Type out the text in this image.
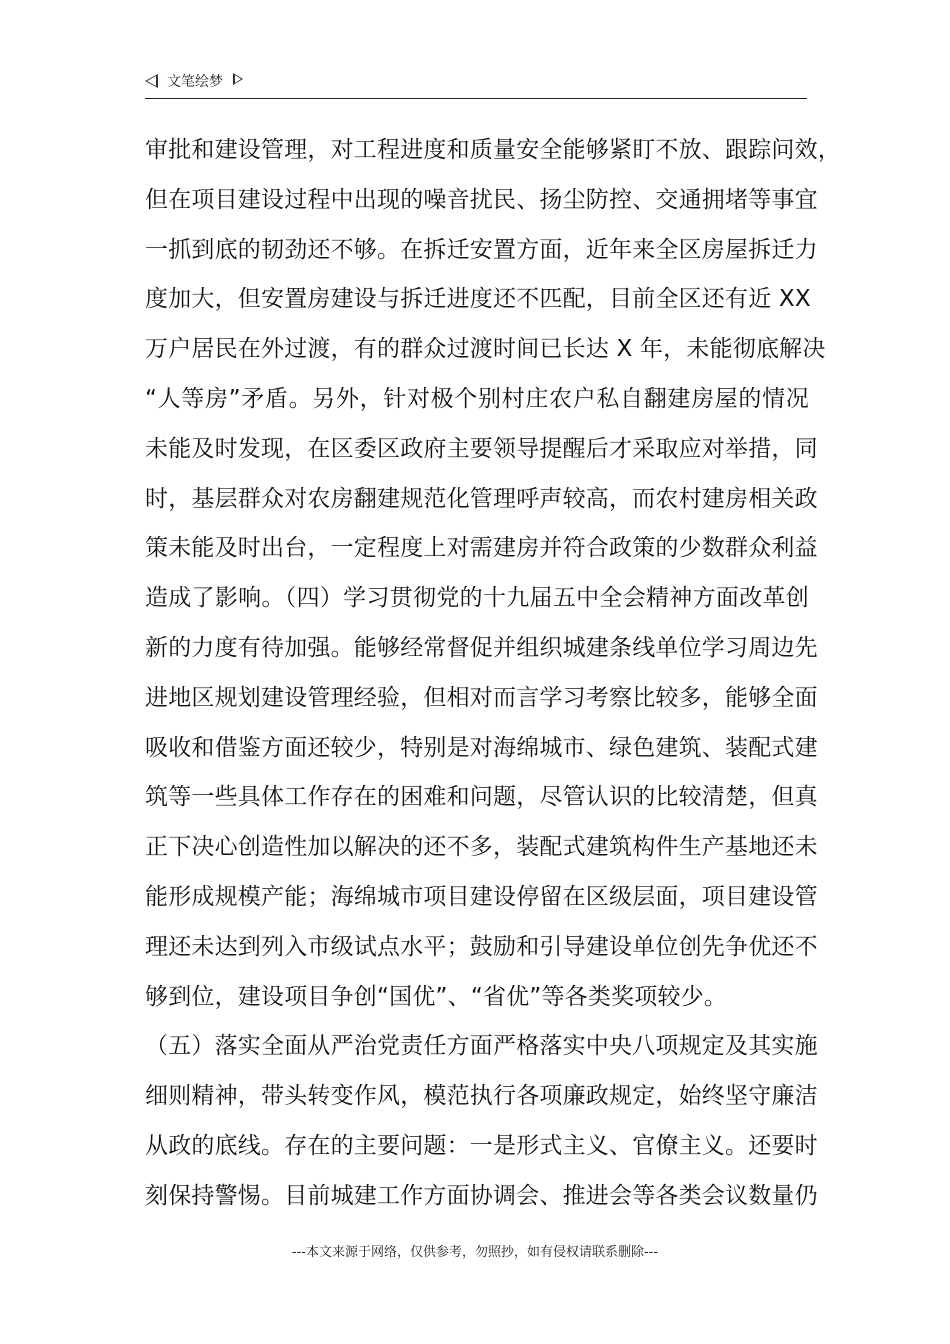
文笔绘梦
审批和建设管理，对工程进度和质量安全能够紧盯不放、跟踪问效，
但在项目建设过程中出现的噪音扰民、扬尘防控、交通拥堵等事宜
一抓到底的韧劲还不够。在拆迁安置方面，近年来全区房屋拆迁力
度加大，但安置房建设与拆迁进度还不匹配，目前全区还有近 XX
万户居民在外过渡，有的群众过渡时间已长达 X 年，未能彻底解决
“人等房”矛盾。另外，针对极个别村庄农户私自翻建房屋的情况
未能及时发现，在区委区政府主要领导提醒后才采取应对举措，同
时，基层群众对农房翻建规范化管理呼声较高，而农村建房相关政
策未能及时出台，一定程度上对需建房并符合政策的少数群众利益
造成了影响。（四）学习贯彻党的十九届五中全会精神方面改革创
新的力度有待加强。能够经常督促并组织城建条线单位学习周边先
进地区规划建设管理经验，但相对而言学习考察比较多，能够全面
吸收和借鉴方面还较少，特别是对海绵城市、绿色建筑、装配式建
筑等一些具体工作存在的困难和问题，尽管认识的比较清楚，但真
正下决心创造性加以解决的还不多，装配式建筑构件生产基地还未
能形成规模产能；海绵城市项目建设停留在区级层面，项目建设管
理还未达到列入市级试点水平；鼓励和引导建设单位创先争优还不
够到位，建设项目争创“国优”、“省优”等各类奖项较少。
（五）落实全面从严治党责任方面严格落实中央八项规定及其实施
细则精神，带头转变作风，模范执行各项廉政规定，始终坚守廉洁
从政的底线。存在的主要问题：一是形式主义、官僚主义。还要时
刻保持警惕。目前城建工作方面协调会、推进会等各类会议数量仍
---本文来源于网络，仅供参考，勿照抄，如有侵权请联系删除---
